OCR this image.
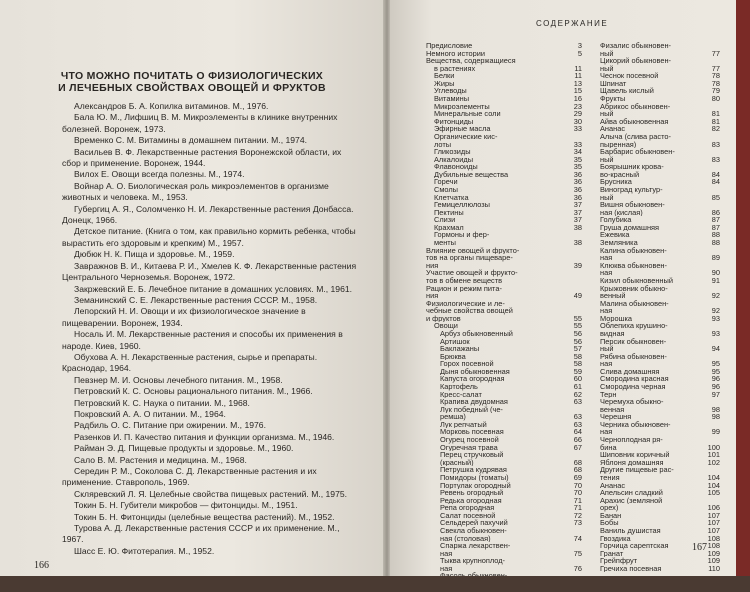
ЧТО МОЖНО ПОЧИТАТЬ О ФИЗИОЛОГИЧЕСКИХ
И ЛЕЧЕБНЫХ СВОЙСТВАХ ОВОЩЕЙ И ФРУКТОВ

Александров Б. А. Копилка витаминов. М., 1976.

Бала Ю. М., Лифшиц В. М. Микроэлементы в клинике внутренних болезней. Воронеж, 1973.

Временко С. М. Витамины в домашнем питании. М., 1974.

Васильев В. Ф. Лекарственные растения Воронежской области, их сбор и применение. Воронеж, 1944.

Вилох Е. Овощи всегда полезны. М., 1974.

Войнар А. О. Биологическая роль микроэлементов в организме животных и человека. М., 1953.

Губергиц А. Я., Соломченко Н. И. Лекарственные растения Донбасса. Донецк, 1966.

Детское питание. (Книга о том, как правильно кормить ребенка, чтобы вырастить его здоровым и крепким) М., 1957.

Дюбюк Н. К. Пища и здоровье. М., 1959.

Завражнов В. И., Китаева Р. И., Хмелев К. Ф. Лекарственные растения Центрального Черноземья. Воронеж, 1972.

Закржевский Е. Б. Лечебное питание в домашних условиях. М., 1961.

Земанинский С. Е. Лекарственные растения СССР. М., 1958.

Лепорский Н. И. Овощи и их физиологическое значение в пищеварении. Воронеж, 1934.

Носаль И. М. Лекарственные растения и способы их применения в народе. Киев, 1960.

Обухова А. Н. Лекарственные растения, сырье и препараты. Краснодар, 1964.

Певзнер М. И. Основы лечебного питания. М., 1958.

Петровский К. С. Основы рационального питания. М., 1966.

Петровский К. С. Наука о питании. М., 1968.

Покровский А. А. О питании. М., 1964.

Радбиль О. С. Питание при ожирении. М., 1976.

Разенков И. П. Качество питания и функции организма. М., 1946.

Райман Э. Д. Пищевые продукты и здоровье. М., 1960.

Сало В. М. Растения и медицина. М., 1968.

Середин Р. М., Соколова С. Д. Лекарственные растения и их применение. Ставрополь, 1969.

Скляревский Л. Я. Целебные свойства пищевых растений. М., 1975.

Токин Б. Н. Губители микробов — фитонциды. М., 1951.

Токин Б. Н. Фитонциды (целебные вещества растений). М., 1952.

Турова А. Д. Лекарственные растения СССР и их применение. М., 1967.

Шасс Е. Ю. Фитотерапия. М., 1952.

166
СОДЕРЖАНИЕ
Предисловие	3
Немного истории	5
Вещества, содержащиеся
в растениях	11
Белки	11
Жиры	13
Углеводы	15
Витамины	16
Микроэлементы	23
Минеральные соли	29
Фитонциды	30
Эфирные масла	33
Органические кис-
лоты	33
Гликозиды	34
Алкалоиды	35
Флавоноиды	35
Дубильные вещества	36
Горечи	36
Смолы	36
Клетчатка	36
Гемицеллюлозы	37
Пектины	37
Слизи	37
Крахмал	38
Гормоны и фер-
менты	38
Влияние овощей и фрукто-
тов на органы пищеваре-
ния	39
Участие овощей и фрукто-
тов в обмене веществ
Рацион и режим пита-
ния	49
Физиологические и ле-
чебные свойства овощей
и фруктов	55
Овощи	55
Арбуз обыкновенный	56
Артишок	56
Баклажаны	57
Брюква	58
Горох посевной	58
Дыня обыкновенная	59
Капуста огородная	60
Картофель	61
Кресс-салат	62
Крапива двудомная	63
Лук победный (че-
ремша)	63
Лук репчатый	63
Морковь посевная	64
Огурец посевной	66
Огуречная трава	67
Перец стручковый
(красный)	68
Петрушка кудрявая	68
Помидоры (томаты)	69
Портулак огородный	70
Ревень огородный	70
Редька огородная	71
Репа огородная	71
Салат посевной	72
Сельдерей пахучий	73
Свекла обыкновен-
ная (столовая)	74
Спаржа лекарствен-
ная	75
Тыква крупноплод-
ная	76
Физалис обыкновен-
ный	77
Цикорий обыкновен-
ный	77
Чеснок посевной	78
Шпинат	78
Щавель кислый	79
Фрукты	80
Абрикос обыкновен-
ный	81
Айва обыкновенная	81
Ананас	82
Алыча (слива расто-
пыренная)	83
Барбарис обыкновен-
ный	83
Боярышник крова-
во-красный	84
Брусника	84
Виноград культур-
ный	85
Вишня обыкновен-
ная (кислая)	86
Голубика	87
Груша домашняя	87
Ежевика	88
Земляника	88
Калина обыкновен-
ная	89
Клюква обыкновен-
ная	90
Кизил обыкновенный	91
Крыжовник обыкно-
венный	92
Малина обыкновен-
ная	92
Морошка	93
Облепиха крушино-
видная	93
Персик обыкновен-
ный	94
Рябина обыкновен-
ная	95
Слива домашняя	95
Смородина красная	96
Смородина черная	96
Терн	97
Черемуха обыкно-
венная	98
Черешня	98
Черника обыкновен-
ная	99
Черноплодная ря-
бина	100
Шиповник коричный	101
Яблоня домашняя	102
Другие пищевые рас-
тения	104
Ананас	104
Апельсин сладкий	105
Арахис (земляной
орех)	106
Банан	107
Бобы	107
Ваниль душистая	107
Гвоздика	108
Горчица сарептская	108
Гранат	109
Грейпфрут	109
Гречиха посевная	110
167
